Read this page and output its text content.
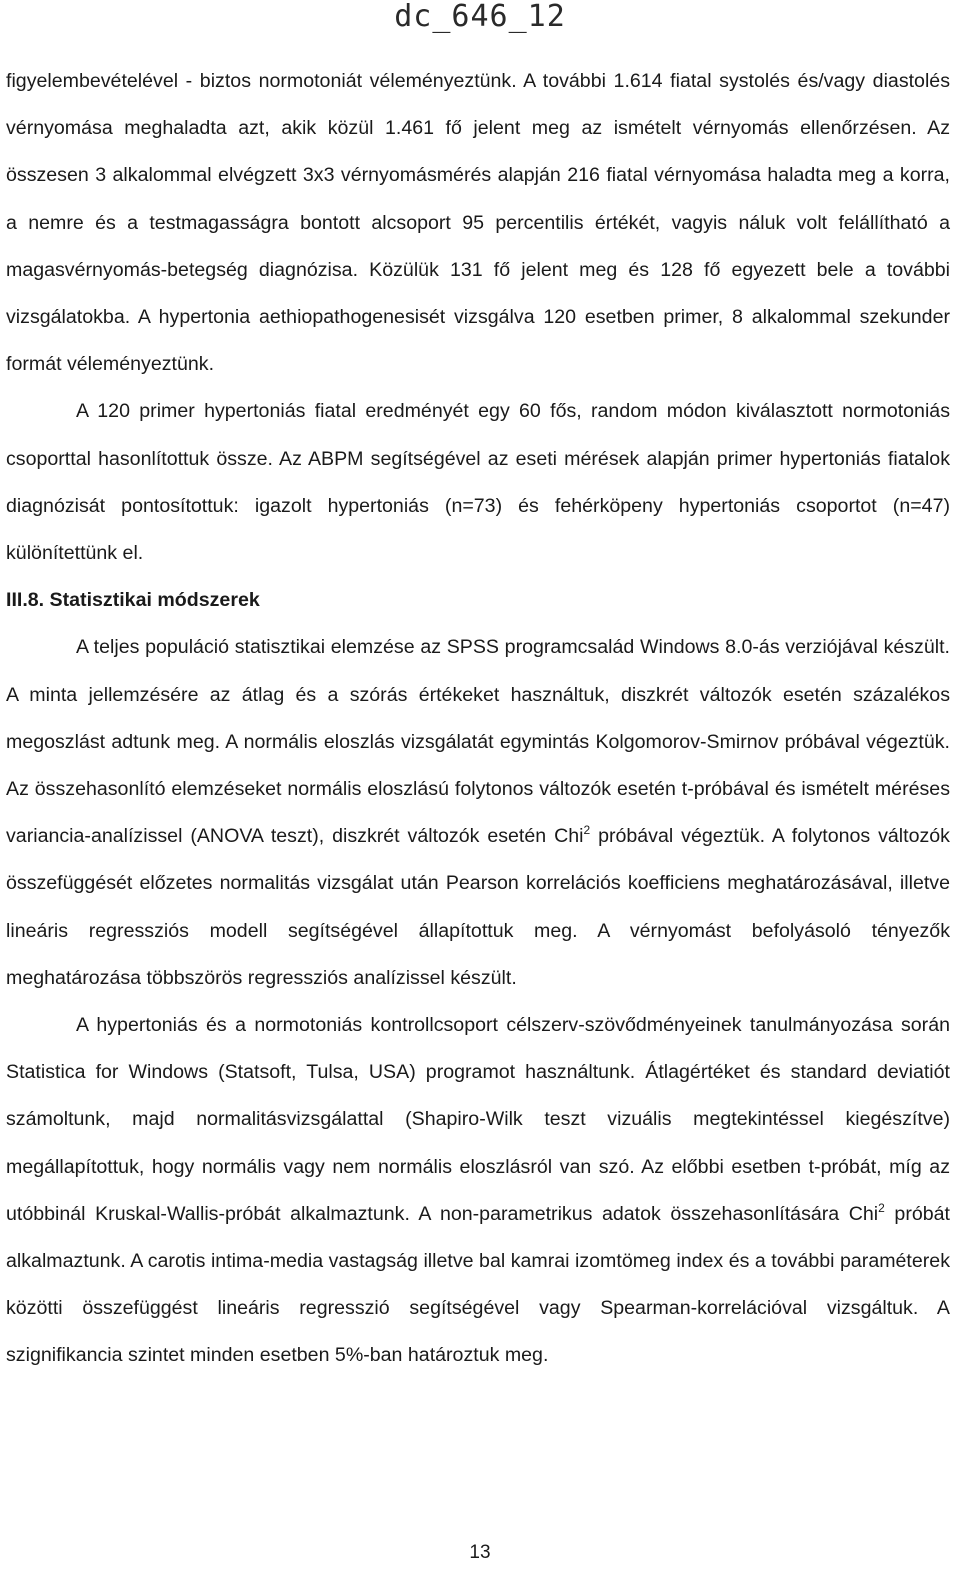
dc_646_12

figyelembevételével - biztos normotoniát véleményeztünk. A további 1.614 fiatal systolés és/vagy diastolés vérnyomása meghaladta azt, akik közül 1.461 fő jelent meg az ismételt vérnyomás ellenőrzésen. Az összesen 3 alkalommal elvégzett 3x3 vérnyomásmérés alapján 216 fiatal vérnyomása haladta meg a korra, a nemre és a testmagasságra bontott alcsoport 95 percentilis értékét, vagyis náluk volt felállítható a magasvérnyomás-betegség diagnózisa. Közülük 131 fő jelent meg és 128 fő egyezett bele a további vizsgálatokba. A hypertonia aethiopathogenesisét vizsgálva 120 esetben primer, 8 alkalommal szekunder formát véleményeztünk.

A 120 primer hypertoniás fiatal eredményét egy 60 fős, random módon kiválasztott normotoniás csoporttal hasonlítottuk össze. Az ABPM segítségével az eseti mérések alapján primer hypertoniás fiatalok diagnózisát pontosítottuk: igazolt hypertoniás (n=73) és fehérköpeny hypertoniás csoportot (n=47) különítettünk el.

III.8. Statisztikai módszerek

A teljes populáció statisztikai elemzése az SPSS programcsalád Windows 8.0-ás verziójával készült. A minta jellemzésére az átlag és a szórás értékeket használtuk, diszkrét változók esetén százalékos megoszlást adtunk meg. A normális eloszlás vizsgálatát egymintás Kolgomorov-Smirnov próbával végeztük. Az összehasonlító elemzéseket normális eloszlású folytonos változók esetén t-próbával és ismételt méréses variancia-analízissel (ANOVA teszt), diszkrét változók esetén Chi$^2$ próbával végeztük. A folytonos változók összefüggését előzetes normalitás vizsgálat után Pearson korrelációs koefficiens meghatározásával, illetve lineáris regressziós modell segítségével állapítottuk meg. A vérnyomást befolyásoló tényezők meghatározása többszörös regressziós analízissel készült.

A hypertoniás és a normotoniás kontrollcsoport célszerv-szövődményeinek tanulmányozása során Statistica for Windows (Statsoft, Tulsa, USA) programot használtunk. Átlagértéket és standard deviatiót számoltunk, majd normalitásvizsgálattal (Shapiro-Wilk teszt vizuális megtekintéssel kiegészítve) megállapítottuk, hogy normális vagy nem normális eloszlásról van szó. Az előbbi esetben t-próbát, míg az utóbbinál Kruskal-Wallis-próbát alkalmaztunk. A non-parametrikus adatok összehasonlítására Chi$^2$ próbát alkalmaztunk. A carotis intima-media vastagság illetve bal kamrai izomtömeg index és a további paraméterek közötti összefüggést lineáris regresszió segítségével vagy Spearman-korrelációval vizsgáltuk. A szignifikancia szintet minden esetben 5%-ban határoztuk meg.

13
